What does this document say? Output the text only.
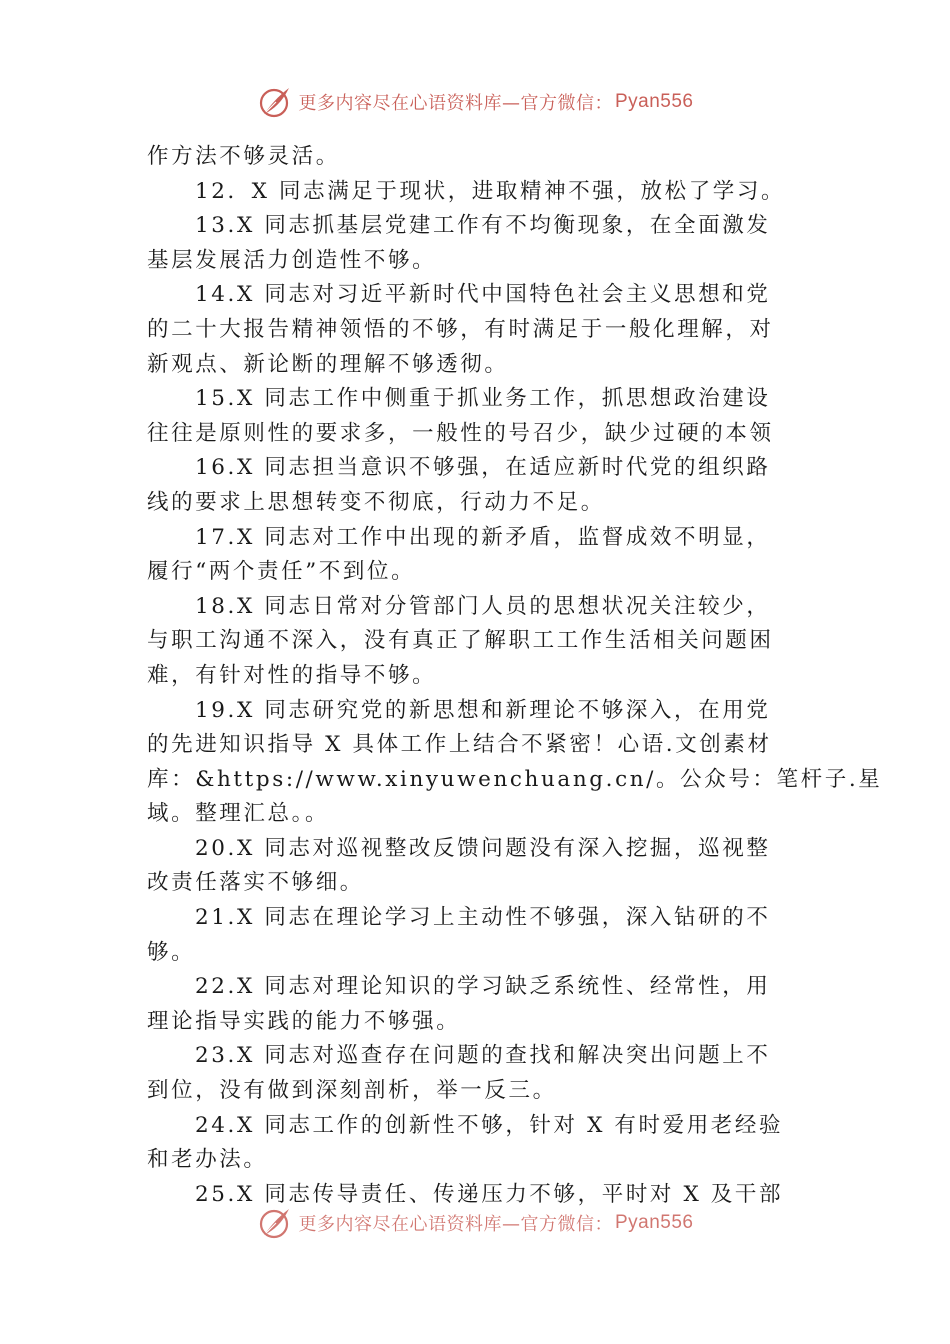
更多内容尽在心语资料库—官方微信： Pyan556
作方法不够灵活。
12．X 同志满足于现状，进取精神不强，放松了学习。
13.X 同志抓基层党建工作有不均衡现象，在全面激发
基层发展活力创造性不够。
14.X 同志对习近平新时代中国特色社会主义思想和党
的二十大报告精神领悟的不够，有时满足于一般化理解，对
新观点、新论断的理解不够透彻。
15.X 同志工作中侧重于抓业务工作，抓思想政治建设
往往是原则性的要求多，一般性的号召少，缺少过硬的本领
16.X 同志担当意识不够强，在适应新时代党的组织路
线的要求上思想转变不彻底，行动力不足。
17.X 同志对工作中出现的新矛盾，监督成效不明显，
履行“两个责任”不到位。
18.X 同志日常对分管部门人员的思想状况关注较少，
与职工沟通不深入，没有真正了解职工工作生活相关问题困
难，有针对性的指导不够。
19.X 同志研究党的新思想和新理论不够深入，在用党
的先进知识指导 X 具体工作上结合不紧密！心语.文创素材
库：&https://www.xinyuwenchuang.cn/。公众号：笔杆子.星
域。整理汇总。。
20.X 同志对巡视整改反馈问题没有深入挖掘，巡视整
改责任落实不够细。
21.X 同志在理论学习上主动性不够强，深入钻研的不
够。
22.X 同志对理论知识的学习缺乏系统性、经常性，用
理论指导实践的能力不够强。
23.X 同志对巡查存在问题的查找和解决突出问题上不
到位，没有做到深刻剖析，举一反三。
24.X 同志工作的创新性不够，针对 X 有时爱用老经验
和老办法。
25.X 同志传导责任、传递压力不够，平时对 X 及干部
更多内容尽在心语资料库—官方微信： Pyan556
